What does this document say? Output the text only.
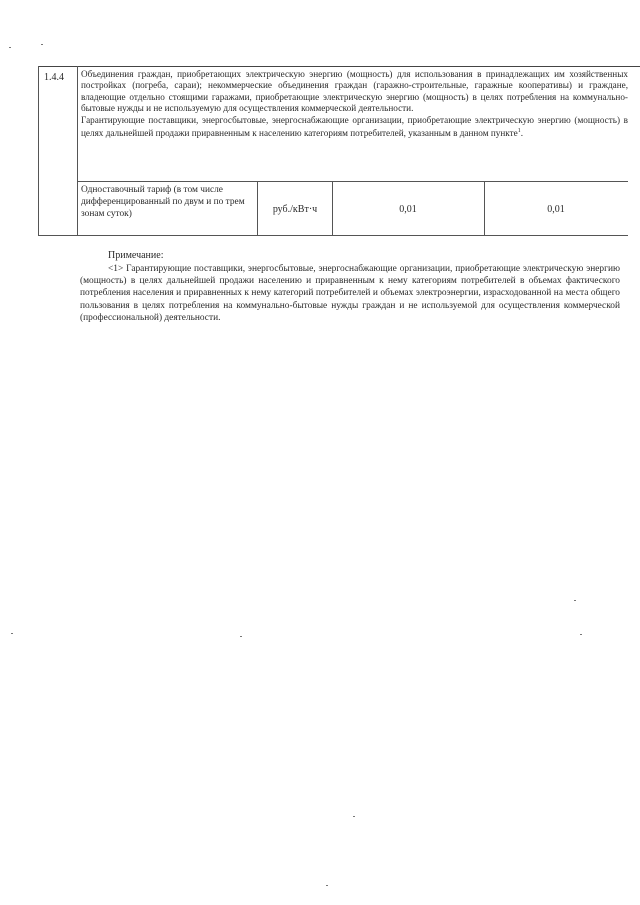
1.4.4 Объединения граждан, приобретающих электрическую энергию (мощность) для использования в принадлежащих им хозяйственных постройках (погреба, сараи); некоммерческие объединения граждан (гаражно-строительные, гаражные кооперативы) и граждане, владеющие отдельно стоящими гаражами, приобретающие электрическую энергию (мощность) в целях потребления на коммунально-бытовые нужды и не используемую для осуществления коммерческой деятельности.

Гарантирующие поставщики, энергосбытовые, энергоснабжающие организации, приобретающие электрическую энергию (мощность) в целях дальнейшей продажи приравненным к населению категориям потребителей, указанным в данном пункте$^1$.

Одноставочный тариф (в том числе дифференцированный по двум и по трем зонам суток)	руб./кВт·ч	0,01	0,01
Примечание:
<1> Гарантирующие поставщики, энергосбытовые, энергоснабжающие организации, приобретающие электрическую энергию (мощность) в целях дальнейшей продажи населению и приравненным к нему категориям потребителей в объемах фактического потребления населения и приравненных к нему категорий потребителей и объемах электроэнергии, израсходованной на места общего пользования в целях потребления на коммунально-бытовые нужды граждан и не используемой для осуществления коммерческой (профессиональной) деятельности.
